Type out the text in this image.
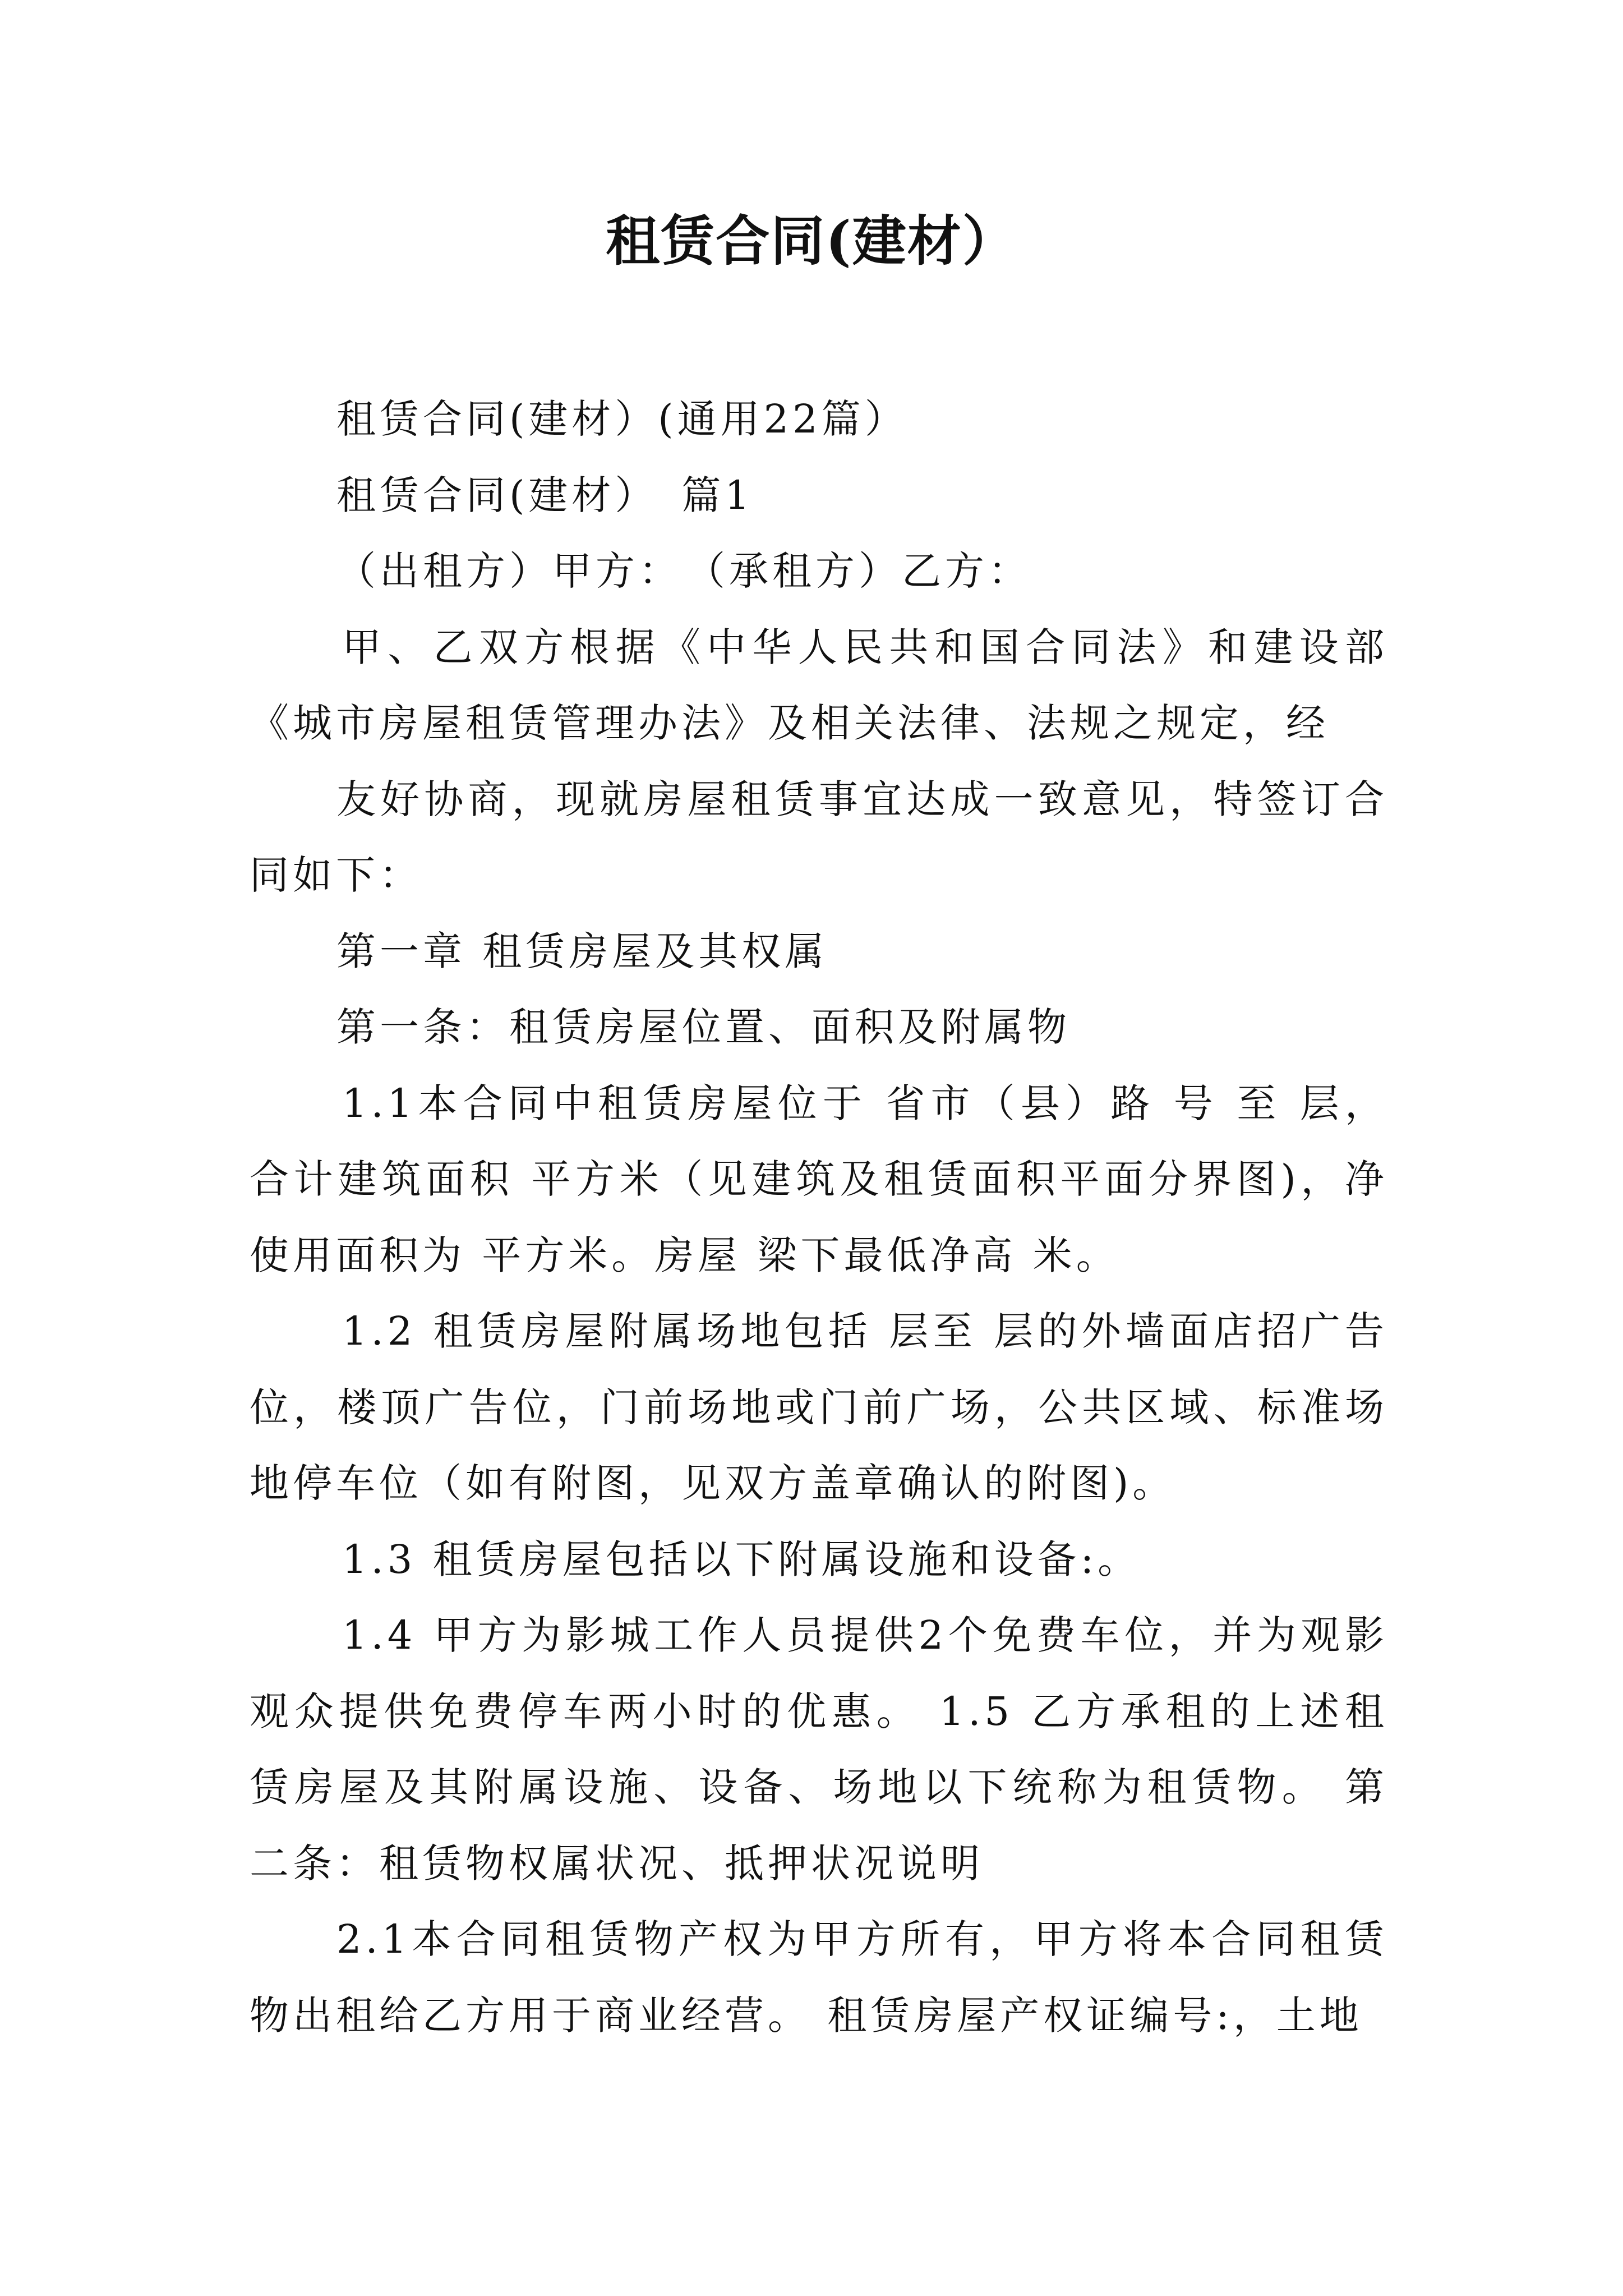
租赁合同(建材）

租赁合同(建材）(通用22篇）

租赁合同(建材）　篇1

（出租方）甲方：　（承租方）乙方：

甲、乙双方根据《中华人民共和国合同法》和建设部《城市房屋租赁管理办法》及相关法律、法规之规定，经

友好协商，现就房屋租赁事宜达成一致意见，特签订合同如下：

第一章 租赁房屋及其权属

第一条：租赁房屋位置、面积及附属物

1.1本合同中租赁房屋位于 省市（县）路 号 至 层，合计建筑面积 平方米（见建筑及租赁面积平面分界图)，净使用面积为 平方米。房屋 梁下最低净高 米。

1.2 租赁房屋附属场地包括 层至 层的外墙面店招广告位，楼顶广告位，门前场地或门前广场，公共区域、标准场地停车位（如有附图，见双方盖章确认的附图)。

1.3 租赁房屋包括以下附属设施和设备:。

1.4 甲方为影城工作人员提供2个免费车位，并为观影观众提供免费停车两小时的优惠。 1.5 乙方承租的上述租赁房屋及其附属设施、设备、场地以下统称为租赁物。 第二条：租赁物权属状况、抵押状况说明

2.1本合同租赁物产权为甲方所有，甲方将本合同租赁物出租给乙方用于商业经营。 租赁房屋产权证编号:，土地
